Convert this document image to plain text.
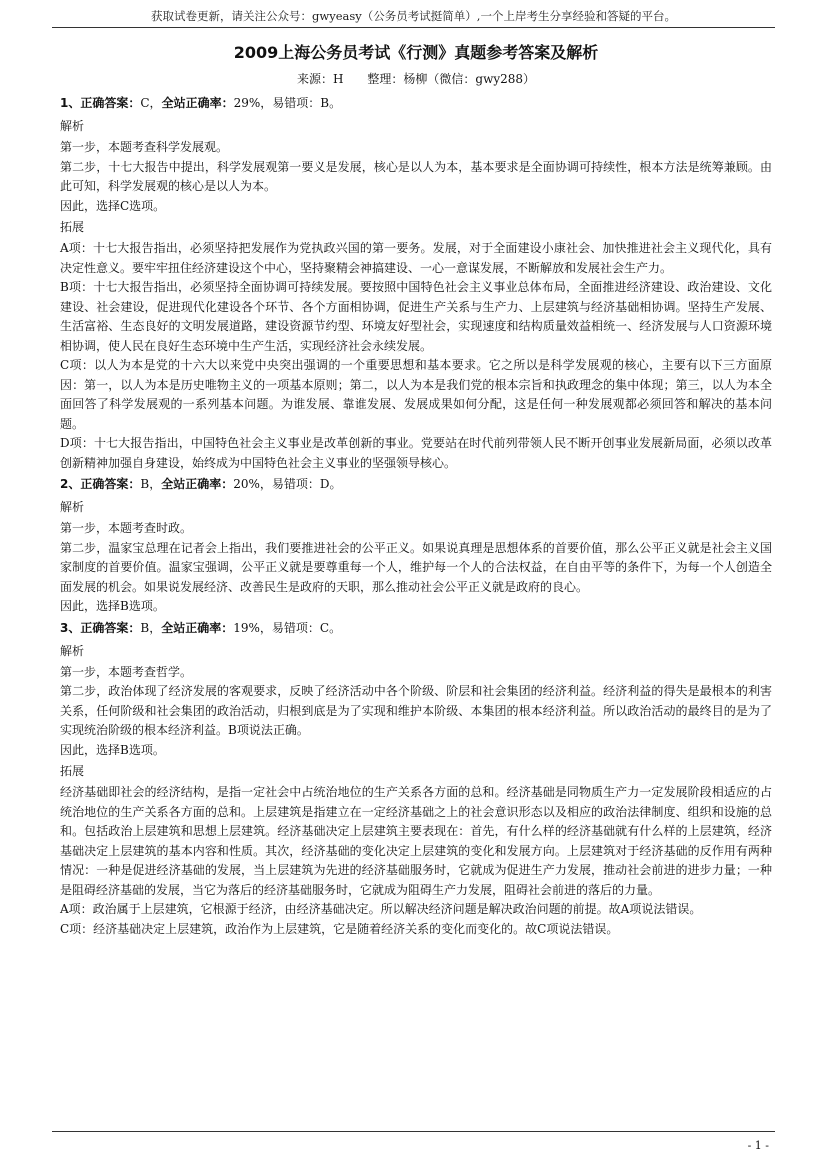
获取试卷更新，请关注公众号：gwyeasy（公务员考试挺简单）,一个上岸考生分享经验和答疑的平台。
2009上海公务员考试《行测》真题参考答案及解析
来源：H　　整理：杨柳（微信：gwy288）
1、正确答案：C，全站正确率：29%，易错项：B。
解析

第一步，本题考查科学发展观。

第二步，十七大报告中提出，科学发展观第一要义是发展，核心是以人为本，基本要求是全面协调可持续性，根本方法是统筹兼顾。由此可知，科学发展观的核心是以人为本。

因此，选择C选项。

拓展

A项：十七大报告指出，必须坚持把发展作为党执政兴国的第一要务。发展，对于全面建设小康社会、加快推进社会主义现代化，具有决定性意义。要牢牢扭住经济建设这个中心，坚持聚精会神搞建设、一心一意谋发展，不断解放和发展社会生产力。

B项：十七大报告指出，必须坚持全面协调可持续发展。要按照中国特色社会主义事业总体布局，全面推进经济建设、政治建设、文化建设、社会建设，促进现代化建设各个环节、各个方面相协调，促进生产关系与生产力、上层建筑与经济基础相协调。坚持生产发展、生活富裕、生态良好的文明发展道路，建设资源节约型、环境友好型社会，实现速度和结构质量效益相统一、经济发展与人口资源环境相协调，使人民在良好生态环境中生产生活，实现经济社会永续发展。

C项：以人为本是党的十六大以来党中央突出强调的一个重要思想和基本要求。它之所以是科学发展观的核心，主要有以下三方面原因：第一，以人为本是历史唯物主义的一项基本原则；第二，以人为本是我们党的根本宗旨和执政理念的集中体现；第三，以人为本全面回答了科学发展观的一系列基本问题。为谁发展、靠谁发展、发展成果如何分配，这是任何一种发展观都必须回答和解决的基本问题。

D项：十七大报告指出，中国特色社会主义事业是改革创新的事业。党要站在时代前列带领人民不断开创事业发展新局面，必须以改革创新精神加强自身建设，始终成为中国特色社会主义事业的坚强领导核心。

2、正确答案：B，全站正确率：20%，易错项：D。
解析

第一步，本题考查时政。

第二步，温家宝总理在记者会上指出，我们要推进社会的公平正义。如果说真理是思想体系的首要价值，那么公平正义就是社会主义国家制度的首要价值。温家宝强调，公平正义就是要尊重每一个人，维护每一个人的合法权益，在自由平等的条件下，为每一个人创造全面发展的机会。如果说发展经济、改善民生是政府的天职，那么推动社会公平正义就是政府的良心。

因此，选择B选项。

3、正确答案：B，全站正确率：19%，易错项：C。
解析

第一步，本题考查哲学。

第二步，政治体现了经济发展的客观要求，反映了经济活动中各个阶级、阶层和社会集团的经济利益。经济利益的得失是最根本的利害关系，任何阶级和社会集团的政治活动，归根到底是为了实现和维护本阶级、本集团的根本经济利益。所以政治活动的最终目的是为了实现统治阶级的根本经济利益。B项说法正确。

因此，选择B选项。

拓展

经济基础即社会的经济结构，是指一定社会中占统治地位的生产关系各方面的总和。经济基础是同物质生产力一定发展阶段相适应的占统治地位的生产关系各方面的总和。上层建筑是指建立在一定经济基础之上的社会意识形态以及相应的政治法律制度、组织和设施的总和。包括政治上层建筑和思想上层建筑。经济基础决定上层建筑主要表现在：首先，有什么样的经济基础就有什么样的上层建筑，经济基础决定上层建筑的基本内容和性质。其次，经济基础的变化决定上层建筑的变化和发展方向。上层建筑对于经济基础的反作用有两种情况：一种是促进经济基础的发展，当上层建筑为先进的经济基础服务时，它就成为促进生产力发展，推动社会前进的进步力量；一种是阻碍经济基础的发展，当它为落后的经济基础服务时，它就成为阻碍生产力发展，阻碍社会前进的落后的力量。

A项：政治属于上层建筑，它根源于经济，由经济基础决定。所以解决经济问题是解决政治问题的前提。故A项说法错误。

C项：经济基础决定上层建筑，政治作为上层建筑，它是随着经济关系的变化而变化的。故C项说法错误。

- 1 -
